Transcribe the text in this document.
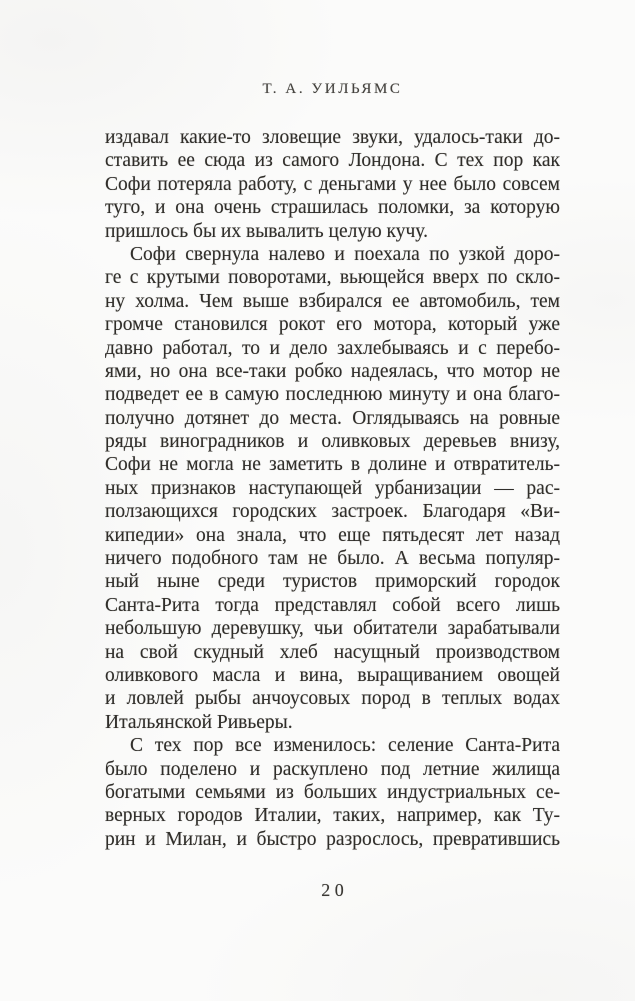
Т. А. УИЛЬЯМС
издавал какие-то зловещие звуки, удалось-таки до-
ставить ее сюда из самого Лондона. С тех пор как
Софи потеряла работу, с деньгами у нее было совсем
туго, и она очень страшилась поломки, за которую
пришлось бы их вывалить целую кучу.
Софи свернула налево и поехала по узкой доро-
ге с крутыми поворотами, вьющейся вверх по скло-
ну холма. Чем выше взбирался ее автомобиль, тем
громче становился рокот его мотора, который уже
давно работал, то и дело захлебываясь и с перебо-
ями, но она все-таки робко надеялась, что мотор не
подведет ее в самую последнюю минуту и она благо-
получно дотянет до места. Оглядываясь на ровные
ряды виноградников и оливковых деревьев внизу,
Софи не могла не заметить в долине и отвратитель-
ных признаков наступающей урбанизации — рас-
ползающихся городских застроек. Благодаря «Ви-
кипедии» она знала, что еще пятьдесят лет назад
ничего подобного там не было. А весьма популяр-
ный ныне среди туристов приморский городок
Санта-Рита тогда представлял собой всего лишь
небольшую деревушку, чьи обитатели зарабатывали
на свой скудный хлеб насущный производством
оливкового масла и вина, выращиванием овощей
и ловлей рыбы анчоусовых пород в теплых водах
Итальянской Ривьеры.
С тех пор все изменилось: селение Санта-Рита
было поделено и раскуплено под летние жилища
богатыми семьями из больших индустриальных се-
верных городов Италии, таких, например, как Ту-
рин и Милан, и быстро разрослось, превратившись
20
